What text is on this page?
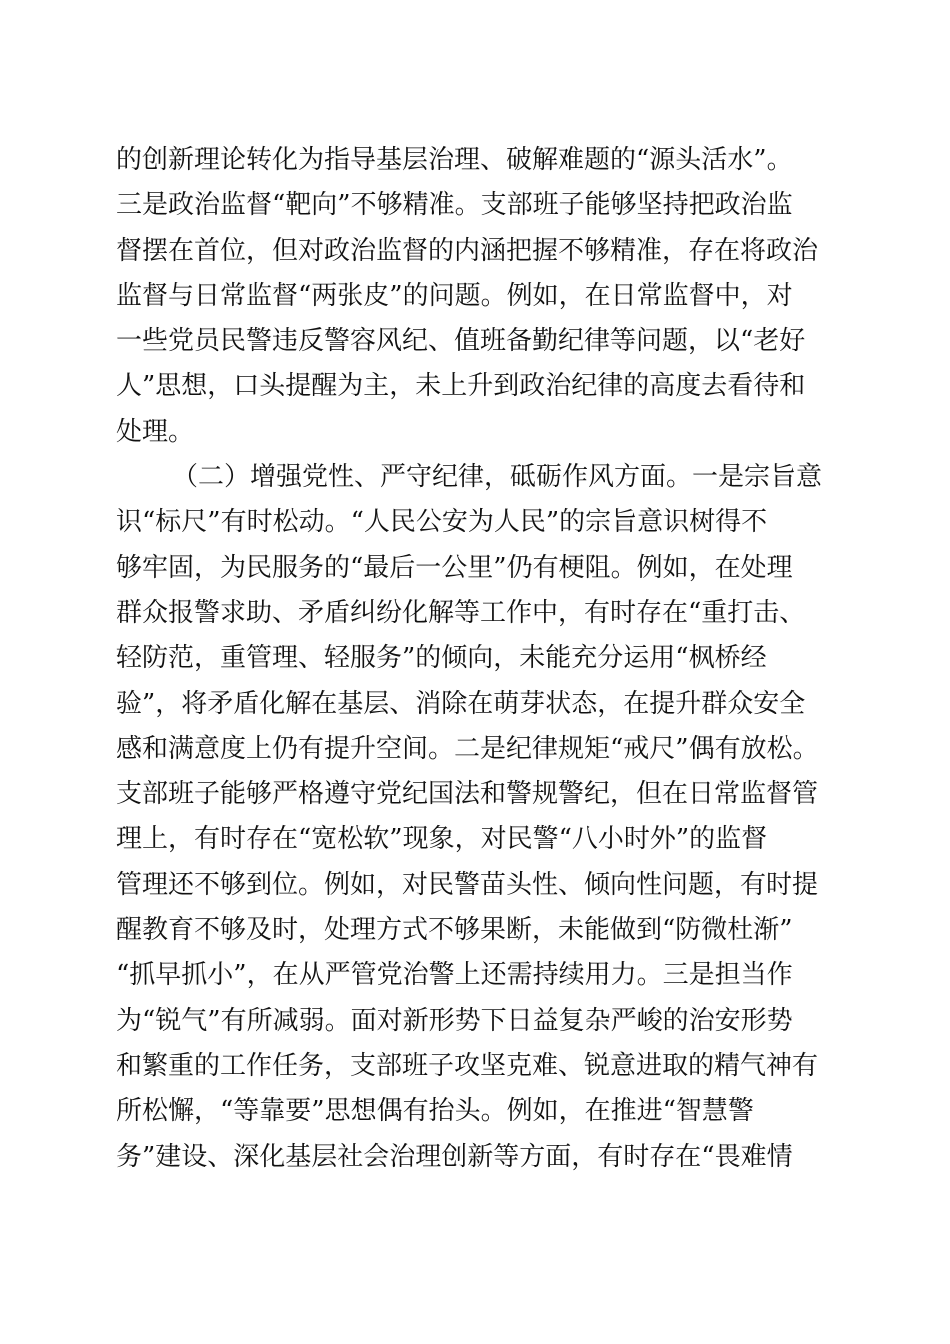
的创新理论转化为指导基层治理、破解难题的“源头活水”。
三是政治监督“靶向”不够精准。支部班子能够坚持把政治监
督摆在首位，但对政治监督的内涵把握不够精准，存在将政治
监督与日常监督“两张皮”的问题。例如，在日常监督中，对
一些党员民警违反警容风纪、值班备勤纪律等问题，以“老好
人”思想，口头提醒为主，未上升到政治纪律的高度去看待和
处理。
（二）增强党性、严守纪律，砥砺作风方面。一是宗旨意
识“标尺”有时松动。“人民公安为人民”的宗旨意识树得不
够牢固，为民服务的“最后一公里”仍有梗阻。例如，在处理
群众报警求助、矛盾纠纷化解等工作中，有时存在“重打击、
轻防范，重管理、轻服务”的倾向，未能充分运用“枫桥经
验”，将矛盾化解在基层、消除在萌芽状态，在提升群众安全
感和满意度上仍有提升空间。二是纪律规矩“戒尺”偶有放松。
支部班子能够严格遵守党纪国法和警规警纪，但在日常监督管
理上，有时存在“宽松软”现象，对民警“八小时外”的监督
管理还不够到位。例如，对民警苗头性、倾向性问题，有时提
醒教育不够及时，处理方式不够果断，未能做到“防微杜渐”
“抓早抓小”，在从严管党治警上还需持续用力。三是担当作
为“锐气”有所减弱。面对新形势下日益复杂严峻的治安形势
和繁重的工作任务，支部班子攻坚克难、锐意进取的精气神有
所松懈，“等靠要”思想偶有抬头。例如，在推进“智慧警
务”建设、深化基层社会治理创新等方面，有时存在“畏难情
